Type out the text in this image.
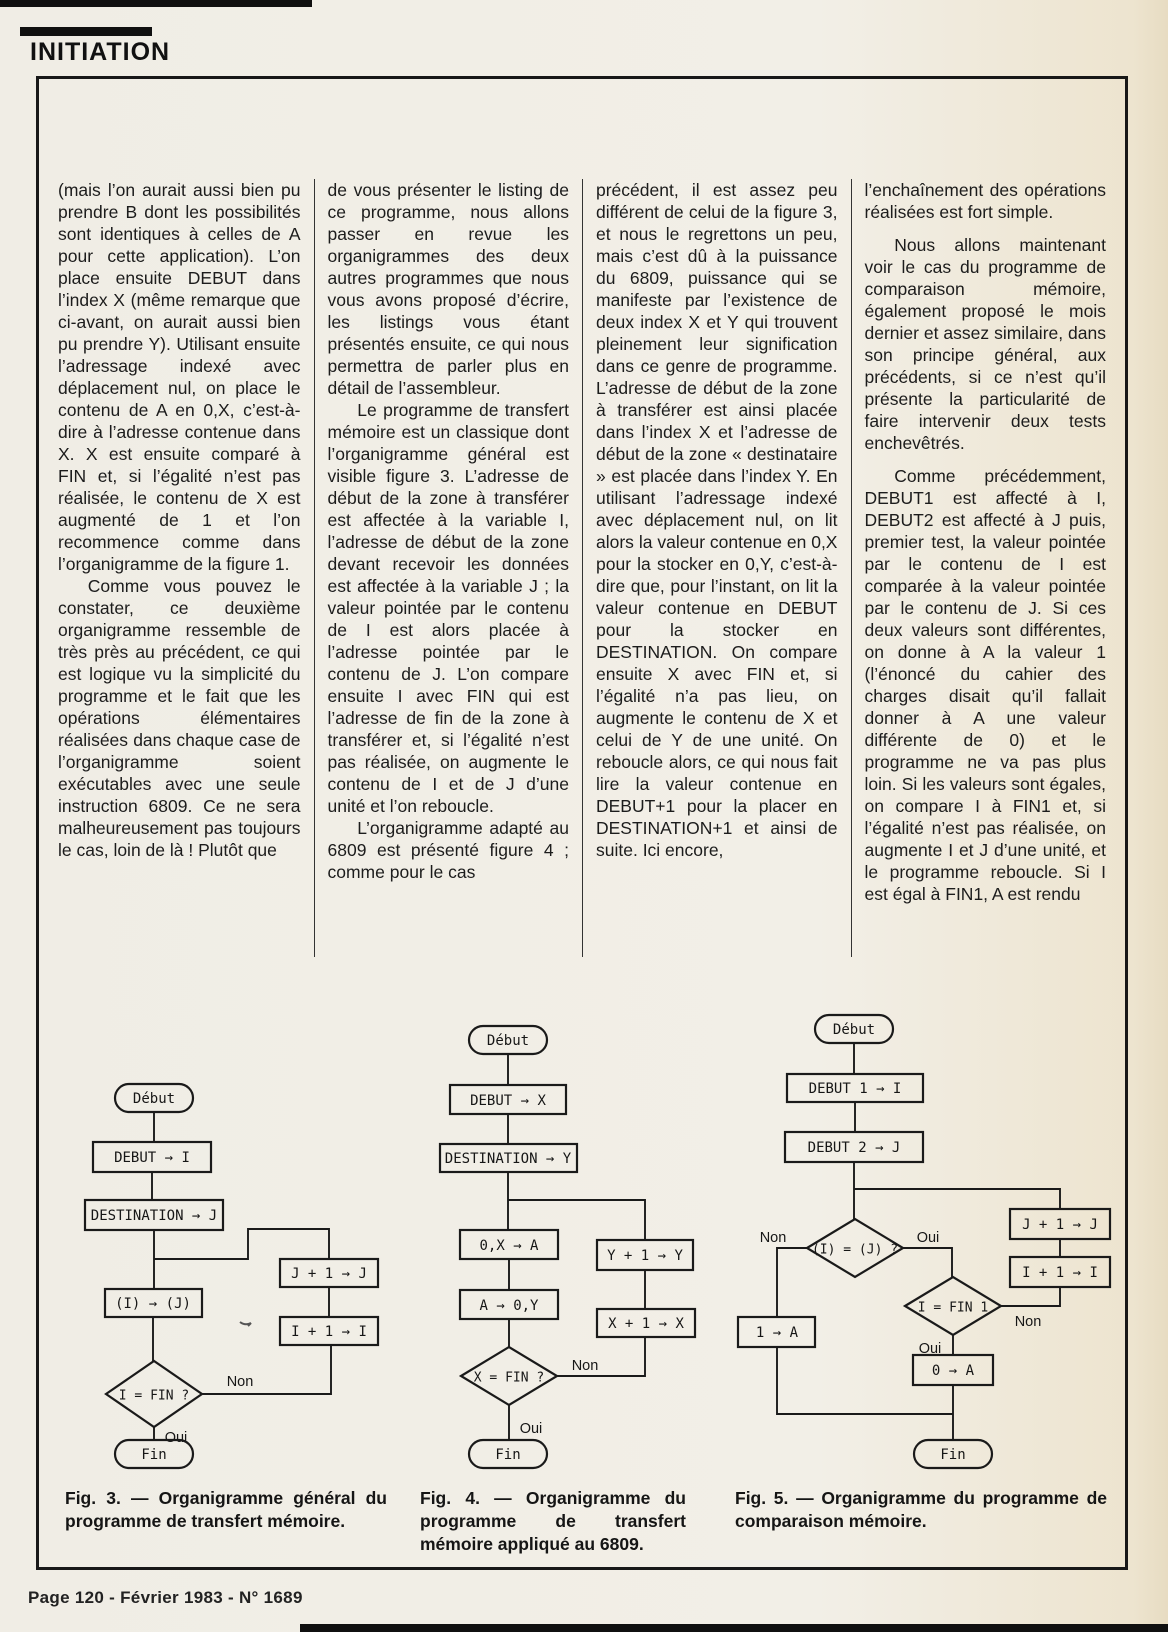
INITIATION

(mais l’on aurait aussi bien pu prendre B dont les possibilités sont identiques à celles de A pour cette application). L’on place ensuite DEBUT dans l’index X (même remarque que ci-avant, on aurait aussi bien pu prendre Y). Utilisant ensuite l’adressage indexé avec déplacement nul, on place le contenu de A en 0,X, c’est-à-dire à l’adresse contenue dans X. X est ensuite comparé à FIN et, si l’égalité n’est pas réalisée, le contenu de X est augmenté de 1 et l’on recommence comme dans l’organigramme de la figure 1.

Comme vous pouvez le constater, ce deuxième organigramme ressemble de très près au précédent, ce qui est logique vu la simplicité du programme et le fait que les opérations élémentaires réalisées dans chaque case de l’organigramme soient exécutables avec une seule instruction 6809. Ce ne sera malheureusement pas toujours le cas, loin de là ! Plutôt que

de vous présenter le listing de ce programme, nous allons passer en revue les organigrammes des deux autres programmes que nous vous avons proposé d’écrire, les listings vous étant présentés ensuite, ce qui nous permettra de parler plus en détail de l’assembleur.

Le programme de transfert mémoire est un classique dont l’organigramme général est visible figure 3. L’adresse de début de la zone à transférer est affectée à la variable I, l’adresse de début de la zone devant recevoir les données est affectée à la variable J ; la valeur pointée par le contenu de I est alors placée à l’adresse pointée par le contenu de J. L’on compare ensuite I avec FIN qui est l’adresse de fin de la zone à transférer et, si l’égalité n’est pas réalisée, on augmente le contenu de I et de J d’une unité et l’on reboucle.

L’organigramme adapté au 6809 est présenté figure 4 ; comme pour le cas

précédent, il est assez peu différent de celui de la figure 3, et nous le regrettons un peu, mais c’est dû à la puissance du 6809, puissance qui se manifeste par l’existence de deux index X et Y qui trouvent pleinement leur signification dans ce genre de programme. L’adresse de début de la zone à transférer est ainsi placée dans l’index X et l’adresse de début de la zone « destinataire » est placée dans l’index Y. En utilisant l’adressage indexé avec déplacement nul, on lit alors la valeur contenue en 0,X pour la stocker en 0,Y, c’est-à-dire que, pour l’instant, on lit la valeur contenue en DEBUT pour la stocker en DESTINATION. On compare ensuite X avec FIN et, si l’égalité n’a pas lieu, on augmente le contenu de X et celui de Y de une unité. On reboucle alors, ce qui nous fait lire la valeur contenue en DEBUT+1 pour la placer en DESTINATION+1 et ainsi de suite. Ici encore,

l’enchaînement des opérations réalisées est fort simple.

Nous allons maintenant voir le cas du programme de comparaison mémoire, également proposé le mois dernier et assez similaire, dans son principe général, aux précédents, si ce n’est qu’il présente la particularité de faire intervenir deux tests enchevêtrés.

Comme précédemment, DEBUT1 est affecté à I, DEBUT2 est affecté à J puis, premier test, la valeur pointée par le contenu de I est comparée à la valeur pointée par le contenu de J. Si ces deux valeurs sont différentes, on donne à A la valeur 1 (l’énoncé du cahier des charges disait qu’il fallait donner à A une valeur différente de 0) et le programme ne va pas plus loin. Si les valeurs sont égales, on compare I à FIN1 et, si l’égalité n’est pas réalisée, on augmente I et J d’une unité, et le programme reboucle. Si I est égal à FIN1, A est rendu

Début
DEBUT → I
DESTINATION → J
J + 1 → J
I + 1 → I
(I) → (J)
I = FIN ?
Non
Oui
Fin
Début
DEBUT → X
DESTINATION → Y
0,X → A
Y + 1 → Y
A → 0,Y
X + 1 → X
X = FIN ?
Non
Oui
Fin
Début
DEBUT 1 → I
DEBUT 2 → J
J + 1 → J
I + 1 → I
(I) = (J) ?
Non	Oui
1 → A
I = FIN 1
Non
Oui
0 → A
Fin
Fig. 3. — Organigramme général du programme de transfert mémoire.
Fig. 4. — Organigramme du programme de transfert mémoire appliqué au 6809.
Fig. 5. — Organigramme du programme de comparaison mémoire.
Page 120 - Février 1983 - N° 1689
